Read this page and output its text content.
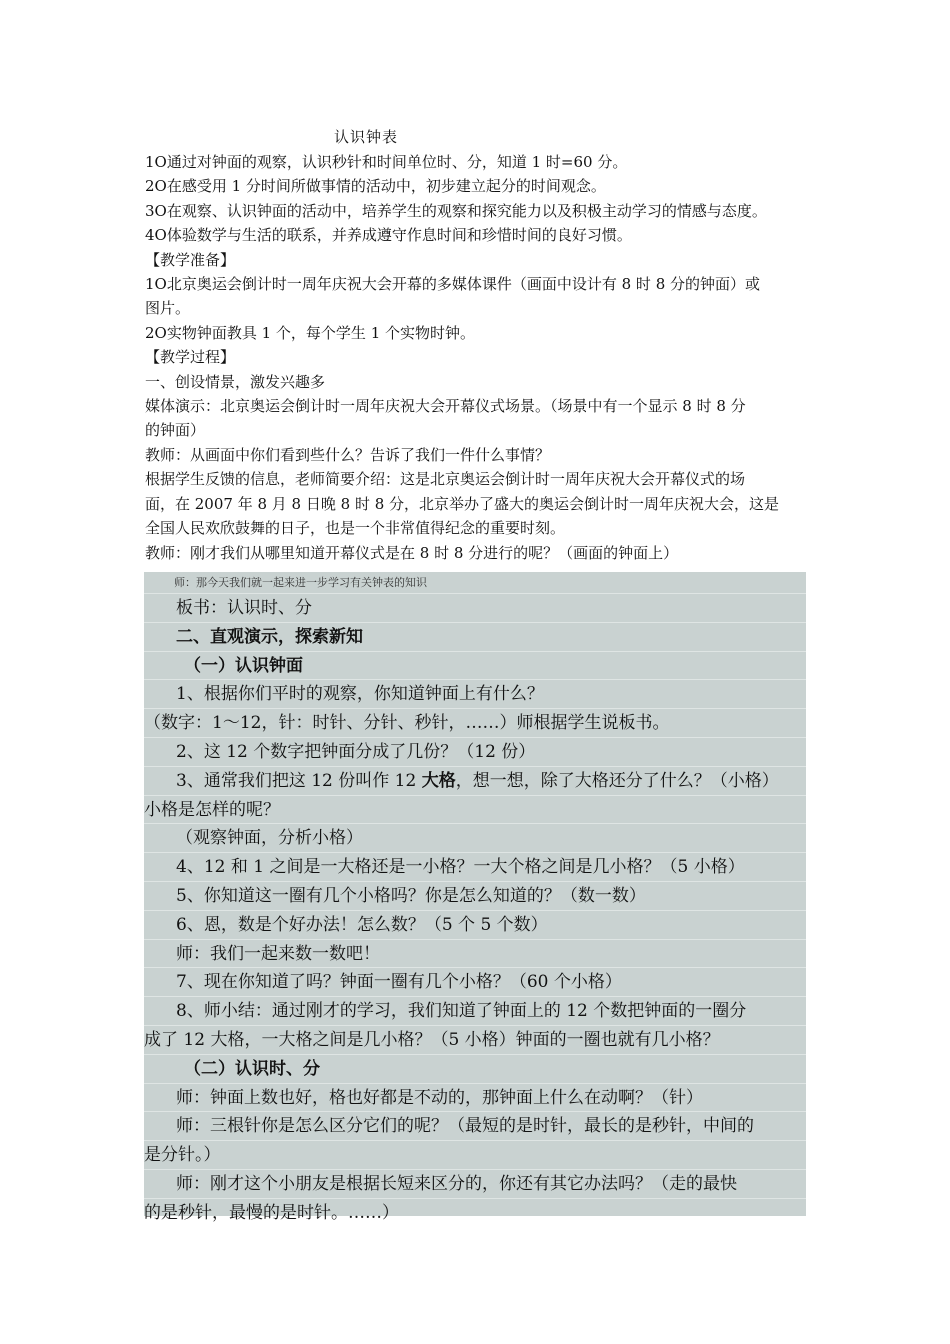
认识钟表
1O通过对钟面的观察，认识秒针和时间单位时、分，知道 1 时=60 分。
2O在感受用 1 分时间所做事情的活动中，初步建立起分的时间观念。
3O在观察、认识钟面的活动中，培养学生的观察和探究能力以及积极主动学习的情感与态度。
4O体验数学与生活的联系，并养成遵守作息时间和珍惜时间的良好习惯。
【教学准备】
1O北京奥运会倒计时一周年庆祝大会开幕的多媒体课件（画面中设计有 8 时 8 分的钟面）或
图片。
2O实物钟面教具 1 个，每个学生 1 个实物时钟。
【教学过程】
一、创设情景，激发兴趣多
媒体演示：北京奥运会倒计时一周年庆祝大会开幕仪式场景。（场景中有一个显示 8 时 8 分
的钟面）
教师：从画面中你们看到些什么？告诉了我们一件什么事情？
根据学生反馈的信息，老师简要介绍：这是北京奥运会倒计时一周年庆祝大会开幕仪式的场
面，在 2007 年 8 月 8 日晚 8 时 8 分，北京举办了盛大的奥运会倒计时一周年庆祝大会，这是
全国人民欢欣鼓舞的日子，也是一个非常值得纪念的重要时刻。
教师：刚才我们从哪里知道开幕仪式是在 8 时 8 分进行的呢？（画面的钟面上）
师：那今天我们就一起来进一步学习有关钟表的知识
板书：认识时、分
二、直观演示，探索新知
（一）认识钟面
1、根据你们平时的观察，你知道钟面上有什么？
（数字：1～12，针：时针、分针、秒针，……）师根据学生说板书。
2、这 12 个数字把钟面分成了几份？（12 份）
3、通常我们把这 12 份叫作 12 大格，想一想，除了大格还分了什么？（小格）
小格是怎样的呢？
（观察钟面，分析小格）
4、12 和 1 之间是一大格还是一小格？一大个格之间是几小格？（5 小格）
5、你知道这一圈有几个小格吗？你是怎么知道的？（数一数）
6、恩，数是个好办法！怎么数？（5 个 5 个数）
师：我们一起来数一数吧！
7、现在你知道了吗？钟面一圈有几个小格？（60 个小格）
8、师小结：通过刚才的学习，我们知道了钟面上的 12 个数把钟面的一圈分
成了 12 大格，一大格之间是几小格？（5 小格）钟面的一圈也就有几小格？
（二）认识时、分
师：钟面上数也好，格也好都是不动的，那钟面上什么在动啊？（针）
师：三根针你是怎么区分它们的呢？（最短的是时针，最长的是秒针，中间的
是分针。）
师：刚才这个小朋友是根据长短来区分的，你还有其它办法吗？（走的最快
的是秒针，最慢的是时针。……）
